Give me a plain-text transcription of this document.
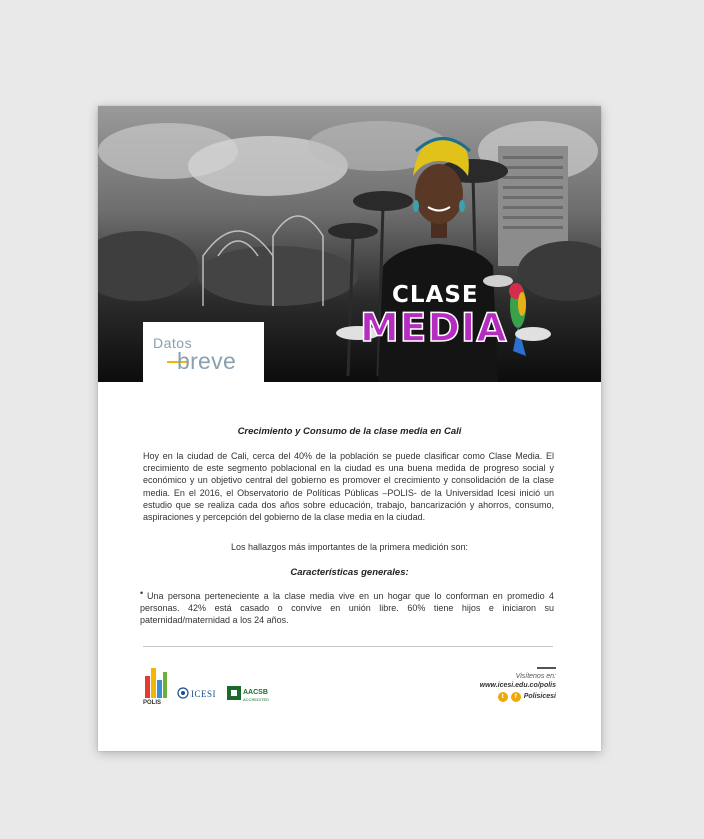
CLASE
MEDIA
Datos
breve
Crecimiento y Consumo de la clase media en Cali
Hoy en la ciudad de Cali, cerca del 40% de la población se puede clasificar como Clase Media. El crecimiento de este segmento poblacional en la ciudad es una buena medida de progreso social y económico y un objetivo central del gobierno es promover el crecimiento y consolidación de la clase media. En el 2016, el Observatorio de Políticas Públicas –POLIS- de la Universidad Icesi inició un estudio que se realiza cada dos años sobre educación, trabajo, bancarización y ahorros, consumo, aspiraciones y percepción del gobierno de la clase media en la ciudad.
Los hallazgos más importantes de la primera medición son:
Características generales:
• Una persona perteneciente a la clase media vive en un hogar que lo conforman en promedio 4 personas. 42% está casado o convive en unión libre. 60% tiene hijos e iniciaron su paternidad/maternidad a los 24 años.
POLIS
ICESI	AACSB
ACCREDITED
Visítenos en:
www.icesi.edu.co/polis
t	f	Polisicesi
